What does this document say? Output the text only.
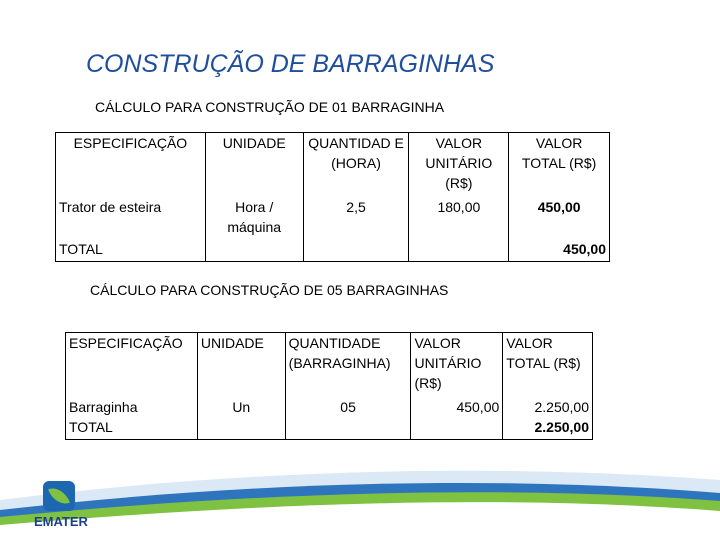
CONSTRUÇÃO DE BARRAGINHAS
CÁLCULO PARA CONSTRUÇÃO DE 01 BARRAGINHA
ESPECIFICAÇÃO	UNIDADE	QUANTIDAD E (HORA)	VALOR UNITÁRIO (R$)	VALOR TOTAL (R$)
Trator de esteira	Hora / máquina	2,5	180,00	450,00
TOTAL				450,00
CÁLCULO PARA CONSTRUÇÃO DE 05 BARRAGINHAS
ESPECIFICAÇÃO	UNIDADE	QUANTIDADE (BARRAGINHA)	VALOR UNITÁRIO (R$)	VALOR TOTAL (R$)
Barraginha	Un	05	450,00	2.250,00
TOTAL				2.250,00
EMATER
